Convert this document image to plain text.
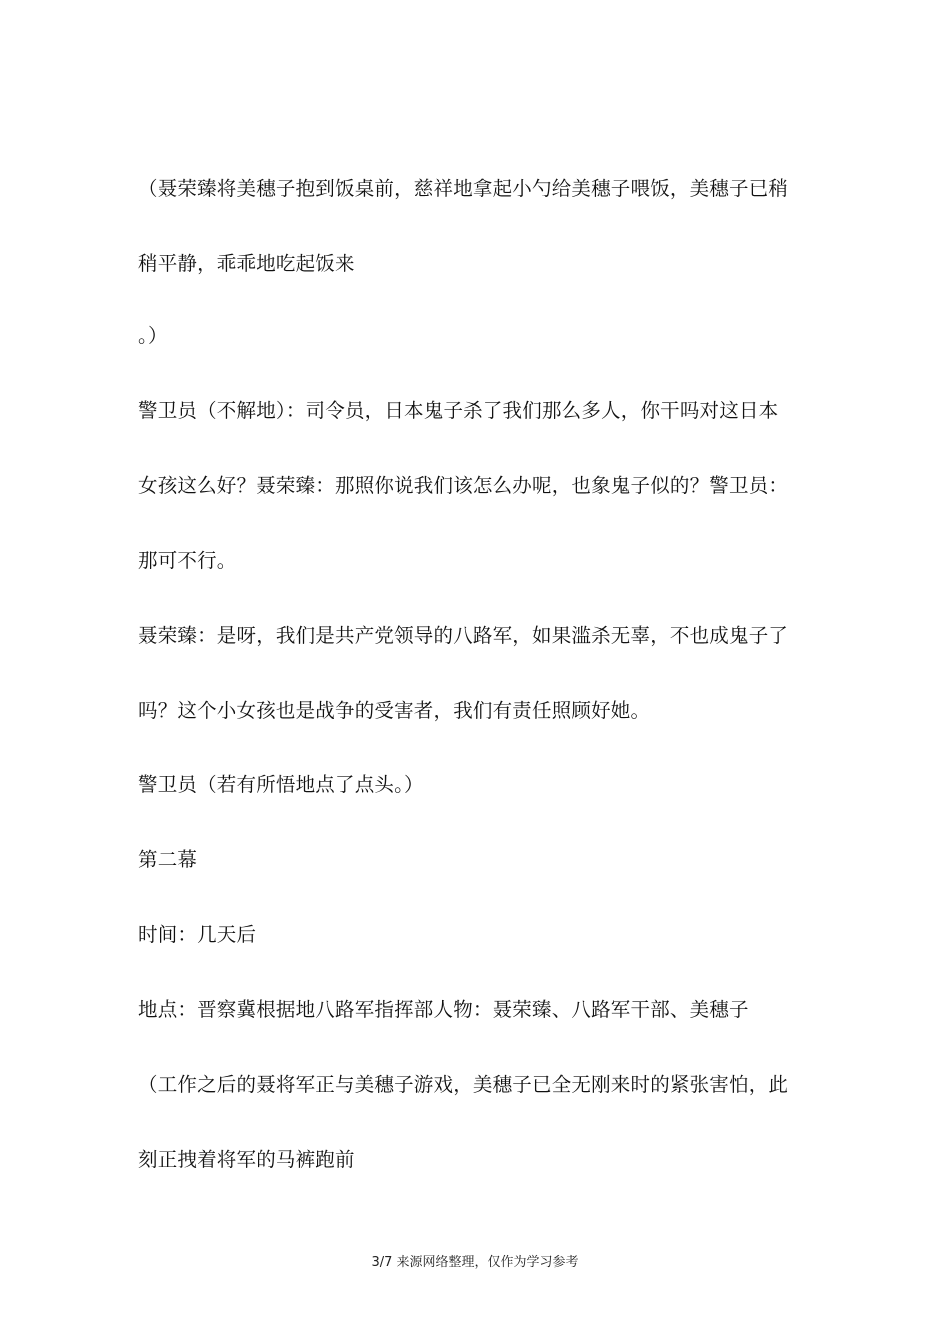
（聂荣臻将美穗子抱到饭桌前，慈祥地拿起小勺给美穗子喂饭，美穗子已稍
稍平静，乖乖地吃起饭来
。）
警卫员（不解地）：司令员，日本鬼子杀了我们那么多人，你干吗对这日本
女孩这么好？聂荣臻：那照你说我们该怎么办呢，也象鬼子似的？警卫员：
那可不行。
聂荣臻：是呀，我们是共产党领导的八路军，如果滥杀无辜，不也成鬼子了
吗？这个小女孩也是战争的受害者，我们有责任照顾好她。
警卫员（若有所悟地点了点头。）
第二幕
时间：几天后
地点：晋察冀根据地八路军指挥部人物：聂荣臻、八路军干部、美穗子
（工作之后的聂将军正与美穗子游戏，美穗子已全无刚来时的紧张害怕，此
刻正拽着将军的马裤跑前
3/7 来源网络整理，仅作为学习参考
